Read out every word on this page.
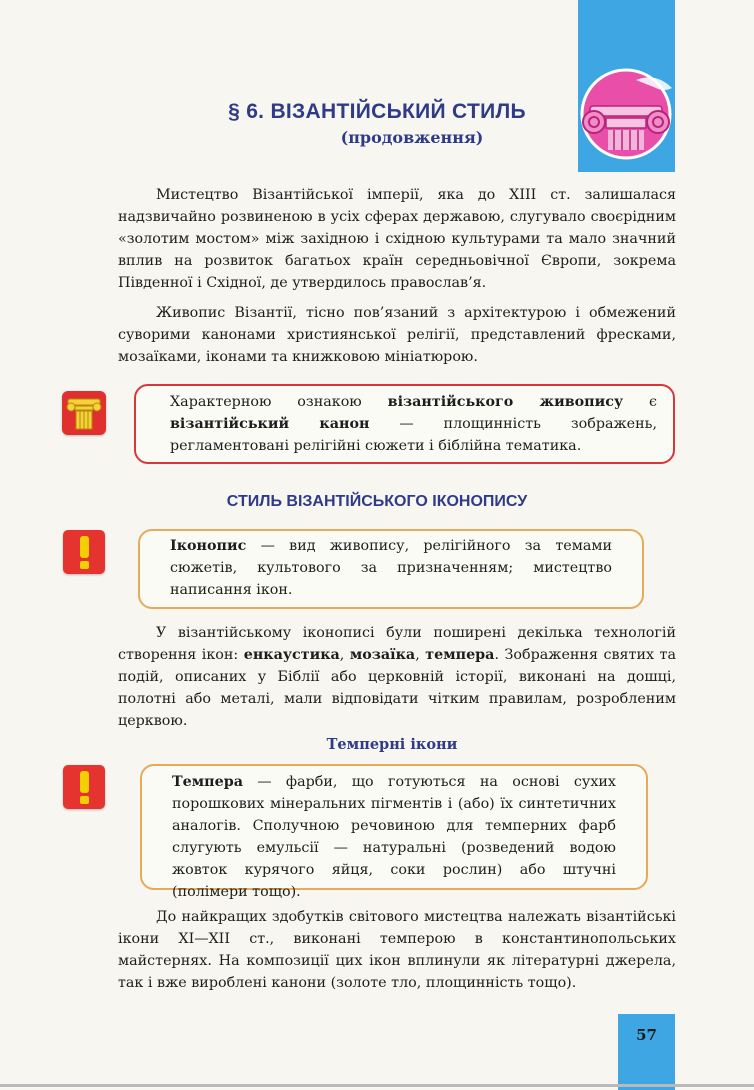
§ 6. ВІЗАНТІЙСЬКИЙ СТИЛЬ
(продовження)

Мистецтво Візантійської імперії, яка до XIII ст. залишалася надзвичайно розвиненою в усіх сферах державою, слугувало своєрідним «золотим мостом» між західною і східною культурами та мало значний вплив на розвиток багатьох країн середньовічної Європи, зокрема Південної і Східної, де утвердилось православ’я.

Живопис Візантії, тісно пов’язаний з архітектурою і обмежений суворими канонами християнської релігії, представлений фресками, мозаїками, іконами та книжковою мініатюрою.

Характерною ознакою візантійського живопису є візантійський канон — площинність зображень, регламентовані релігійні сюжети і біблійна тематика.
СТИЛЬ ВІЗАНТІЙСЬКОГО ІКОНОПИСУ
Іконопис — вид живопису, релігійного за темами сюжетів, культового за призначенням; мистецтво написання ікон.

У візантійському іконописі були поширені декілька технологій створення ікон: енкаустика, мозаїка, темпера. Зображення святих та подій, описаних у Біблії або церковній історії, виконані на дошці, полотні або металі, мали відповідати чітким правилам, розробленим церквою.

Темперні ікони
Темпера — фарби, що готуються на основі сухих порошкових мінеральних пігментів і (або) їх синтетичних аналогів. Сполучною речовиною для темперних фарб слугують емульсії — натуральні (розведений водою жовток курячого яйця, соки рослин) або штучні (полімери тощо).

До найкращих здобутків світового мистецтва належать візантійські ікони XI—XII ст., виконані темперою в константинопольських майстернях. На композиції цих ікон вплинули як літературні джерела, так і вже вироблені канони (золоте тло, площинність тощо).

57
